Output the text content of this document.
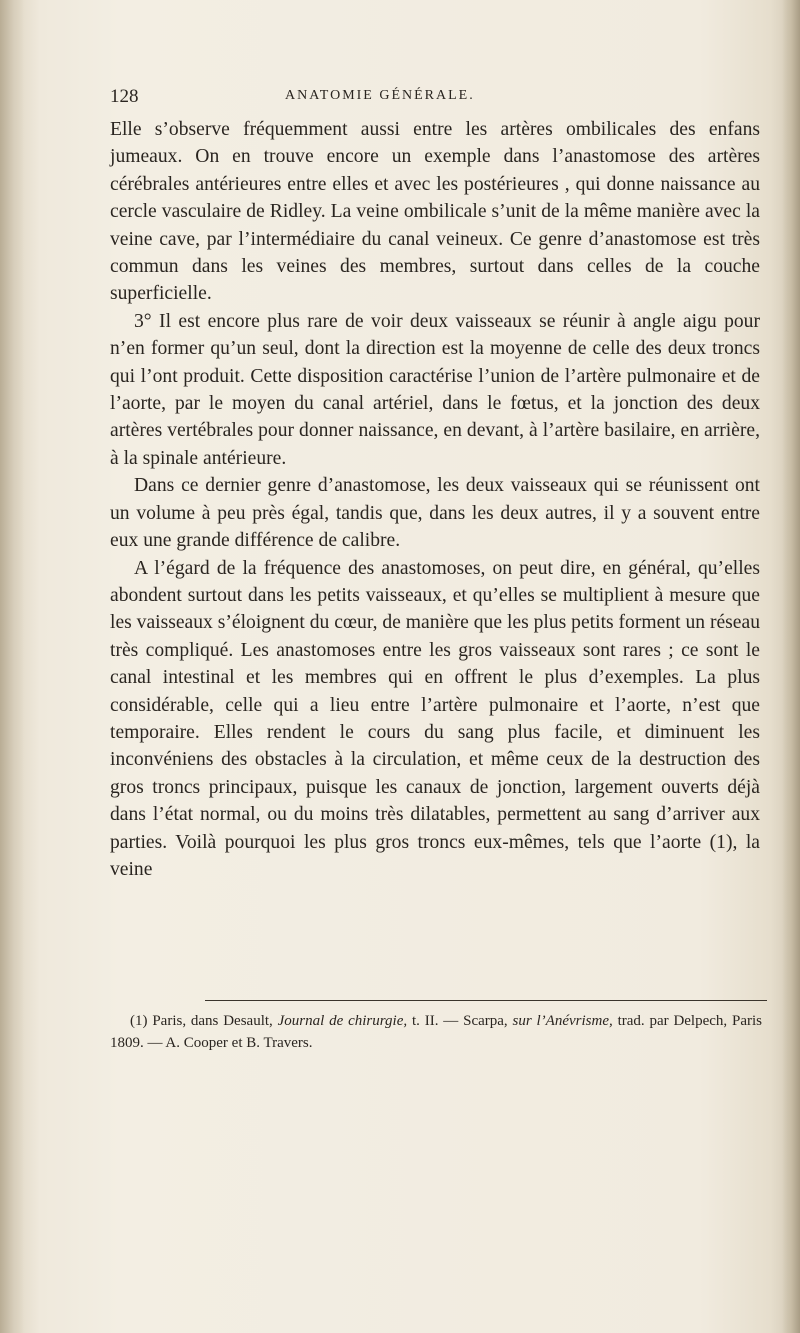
128	ANATOMIE GÉNÉRALE.

Elle s’observe fréquemment aussi entre les artères ombilicales des enfans jumeaux. On en trouve encore un exemple dans l’anastomose des artères cérébrales antérieures entre elles et avec les postérieures , qui donne naissance au cercle vasculaire de Ridley. La veine ombilicale s’unit de la même manière avec la veine cave, par l’intermédiaire du canal veineux. Ce genre d’anastomose est très commun dans les veines des membres, surtout dans celles de la couche superficielle.

3° Il est encore plus rare de voir deux vaisseaux se réunir à angle aigu pour n’en former qu’un seul, dont la direction est la moyenne de celle des deux troncs qui l’ont produit. Cette disposition caractérise l’union de l’artère pulmonaire et de l’aorte, par le moyen du canal artériel, dans le fœtus, et la jonction des deux artères vertébrales pour donner naissance, en devant, à l’artère basilaire, en arrière, à la spinale antérieure.

Dans ce dernier genre d’anastomose, les deux vaisseaux qui se réunissent ont un volume à peu près égal, tandis que, dans les deux autres, il y a souvent entre eux une grande différence de calibre.

A l’égard de la fréquence des anastomoses, on peut dire, en général, qu’elles abondent surtout dans les petits vaisseaux, et qu’elles se multiplient à mesure que les vaisseaux s’éloignent du cœur, de manière que les plus petits forment un réseau très compliqué. Les anastomoses entre les gros vaisseaux sont rares ; ce sont le canal intestinal et les membres qui en offrent le plus d’exemples. La plus considérable, celle qui a lieu entre l’artère pulmonaire et l’aorte, n’est que temporaire. Elles rendent le cours du sang plus facile, et diminuent les inconvéniens des obstacles à la circulation, et même ceux de la destruction des gros troncs principaux, puisque les canaux de jonction, largement ouverts déjà dans l’état normal, ou du moins très dilatables, permettent au sang d’arriver aux parties. Voilà pourquoi les plus gros troncs eux-mêmes, tels que l’aorte (1), la veine

(1) Paris, dans Desault, Journal de chirurgie, t. II. — Scarpa, sur l’Anévrisme, trad. par Delpech, Paris 1809. — A. Cooper et B. Travers.
